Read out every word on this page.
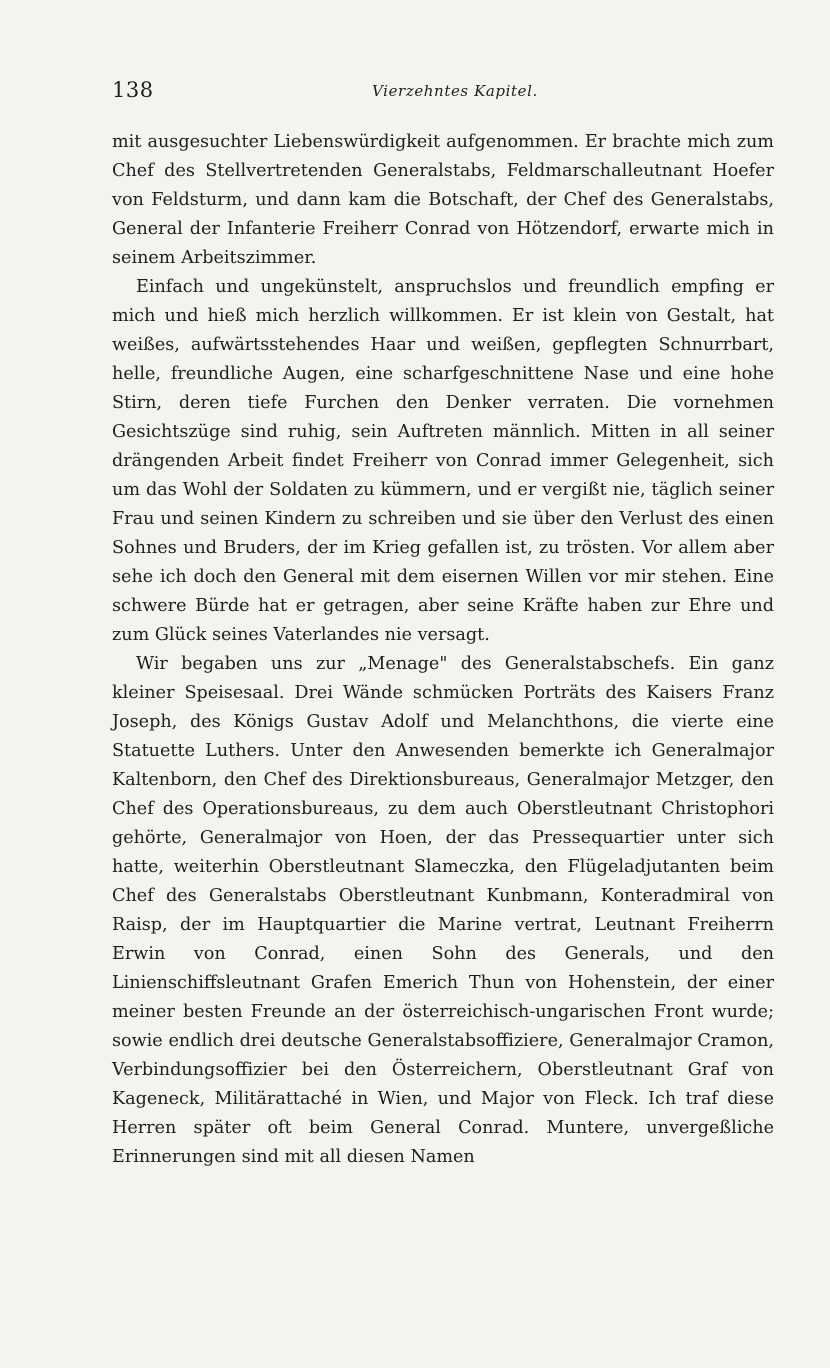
138	Vierzehntes Kapitel.

mit ausgesuchter Liebenswürdigkeit aufgenommen. Er brachte mich zum Chef des Stellvertretenden Generalstabs, Feldmarschalleutnant Hoefer von Feldsturm, und dann kam die Botschaft, der Chef des Generalstabs, General der Infanterie Freiherr Conrad von Hötzendorf, erwarte mich in seinem Arbeitszimmer.

Einfach und ungekünstelt, anspruchslos und freundlich empfing er mich und hieß mich herzlich willkommen. Er ist klein von Gestalt, hat weißes, aufwärtsstehendes Haar und weißen, gepflegten Schnurrbart, helle, freundliche Augen, eine scharfgeschnittene Nase und eine hohe Stirn, deren tiefe Furchen den Denker verraten. Die vornehmen Gesichtszüge sind ruhig, sein Auftreten männlich. Mitten in all seiner drängenden Arbeit findet Freiherr von Conrad immer Gelegenheit, sich um das Wohl der Soldaten zu kümmern, und er vergißt nie, täglich seiner Frau und seinen Kindern zu schreiben und sie über den Verlust des einen Sohnes und Bruders, der im Krieg gefallen ist, zu trösten. Vor allem aber sehe ich doch den General mit dem eisernen Willen vor mir stehen. Eine schwere Bürde hat er getragen, aber seine Kräfte haben zur Ehre und zum Glück seines Vaterlandes nie versagt.

Wir begaben uns zur „Menage" des Generalstabschefs. Ein ganz kleiner Speisesaal. Drei Wände schmücken Porträts des Kaisers Franz Joseph, des Königs Gustav Adolf und Melanchthons, die vierte eine Statuette Luthers. Unter den Anwesenden bemerkte ich Generalmajor Kaltenborn, den Chef des Direktionsbureaus, Generalmajor Metzger, den Chef des Operationsbureaus, zu dem auch Oberstleutnant Christophori gehörte, Generalmajor von Hoen, der das Pressequartier unter sich hatte, weiterhin Oberstleutnant Slameczka, den Flügeladjutanten beim Chef des Generalstabs Oberstleutnant Kunbmann, Konteradmiral von Raisp, der im Hauptquartier die Marine vertrat, Leutnant Freiherrn Erwin von Conrad, einen Sohn des Generals, und den Linienschiffsleutnant Grafen Emerich Thun von Hohenstein, der einer meiner besten Freunde an der österreichisch-ungarischen Front wurde; sowie endlich drei deutsche Generalstabsoffiziere, Generalmajor Cramon, Verbindungsoffizier bei den Österreichern, Oberstleutnant Graf von Kageneck, Militärattaché in Wien, und Major von Fleck. Ich traf diese Herren später oft beim General Conrad. Muntere, unvergeßliche Erinnerungen sind mit all diesen Namen
